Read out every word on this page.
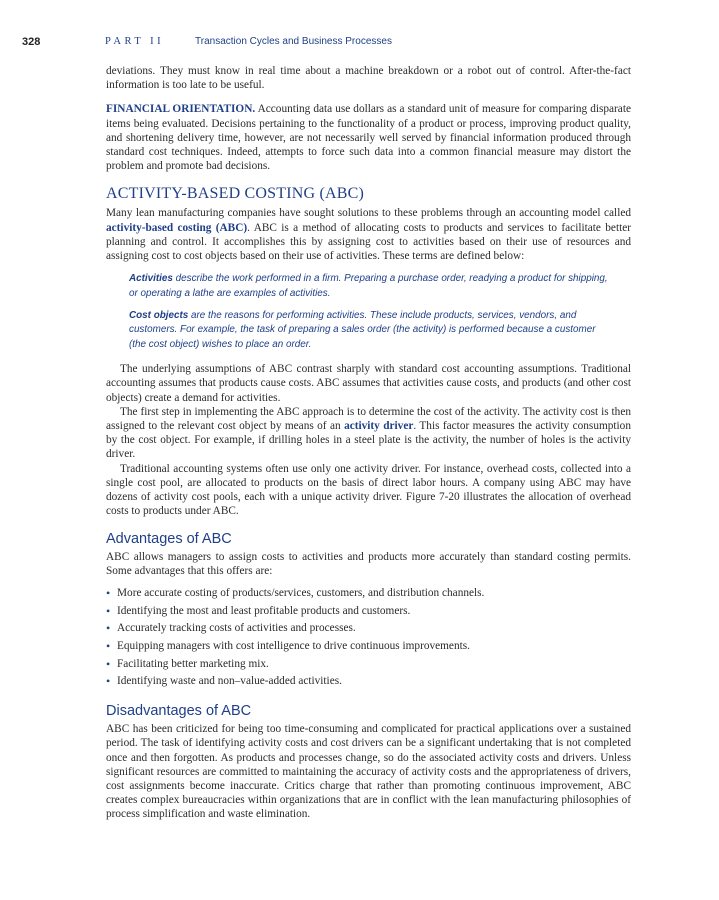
328	PART II	Transaction Cycles and Business Processes

deviations. They must know in real time about a machine breakdown or a robot out of control. After-the-fact information is too late to be useful.

FINANCIAL ORIENTATION. Accounting data use dollars as a standard unit of measure for comparing disparate items being evaluated. Decisions pertaining to the functionality of a product or process, improving product quality, and shortening delivery time, however, are not necessarily well served by financial information produced through standard cost techniques. Indeed, attempts to force such data into a common financial measure may distort the problem and promote bad decisions.

ACTIVITY-BASED COSTING (ABC)

Many lean manufacturing companies have sought solutions to these problems through an accounting model called activity-based costing (ABC). ABC is a method of allocating costs to products and services to facilitate better planning and control. It accomplishes this by assigning cost to activities based on their use of resources and assigning cost to cost objects based on their use of activities. These terms are defined below:

Activities describe the work performed in a firm. Preparing a purchase order, readying a product for shipping, or operating a lathe are examples of activities.

Cost objects are the reasons for performing activities. These include products, services, vendors, and customers. For example, the task of preparing a sales order (the activity) is performed because a customer (the cost object) wishes to place an order.

The underlying assumptions of ABC contrast sharply with standard cost accounting assumptions. Traditional accounting assumes that products cause costs. ABC assumes that activities cause costs, and products (and other cost objects) create a demand for activities.

The first step in implementing the ABC approach is to determine the cost of the activity. The activity cost is then assigned to the relevant cost object by means of an activity driver. This factor measures the activity consumption by the cost object. For example, if drilling holes in a steel plate is the activity, the number of holes is the activity driver.

Traditional accounting systems often use only one activity driver. For instance, overhead costs, collected into a single cost pool, are allocated to products on the basis of direct labor hours. A company using ABC may have dozens of activity cost pools, each with a unique activity driver. Figure 7-20 illustrates the allocation of overhead costs to products under ABC.

Advantages of ABC

ABC allows managers to assign costs to activities and products more accurately than standard costing permits. Some advantages that this offers are:

• More accurate costing of products/services, customers, and distribution channels.
• Identifying the most and least profitable products and customers.
• Accurately tracking costs of activities and processes.
• Equipping managers with cost intelligence to drive continuous improvements.
• Facilitating better marketing mix.
• Identifying waste and non–value-added activities.
Disadvantages of ABC

ABC has been criticized for being too time-consuming and complicated for practical applications over a sustained period. The task of identifying activity costs and cost drivers can be a significant undertaking that is not completed once and then forgotten. As products and processes change, so do the associated activity costs and drivers. Unless significant resources are committed to maintaining the accuracy of activity costs and the appropriateness of drivers, cost assignments become inaccurate. Critics charge that rather than promoting continuous improvement, ABC creates complex bureaucracies within organizations that are in conflict with the lean manufacturing philosophies of process simplification and waste elimination.
